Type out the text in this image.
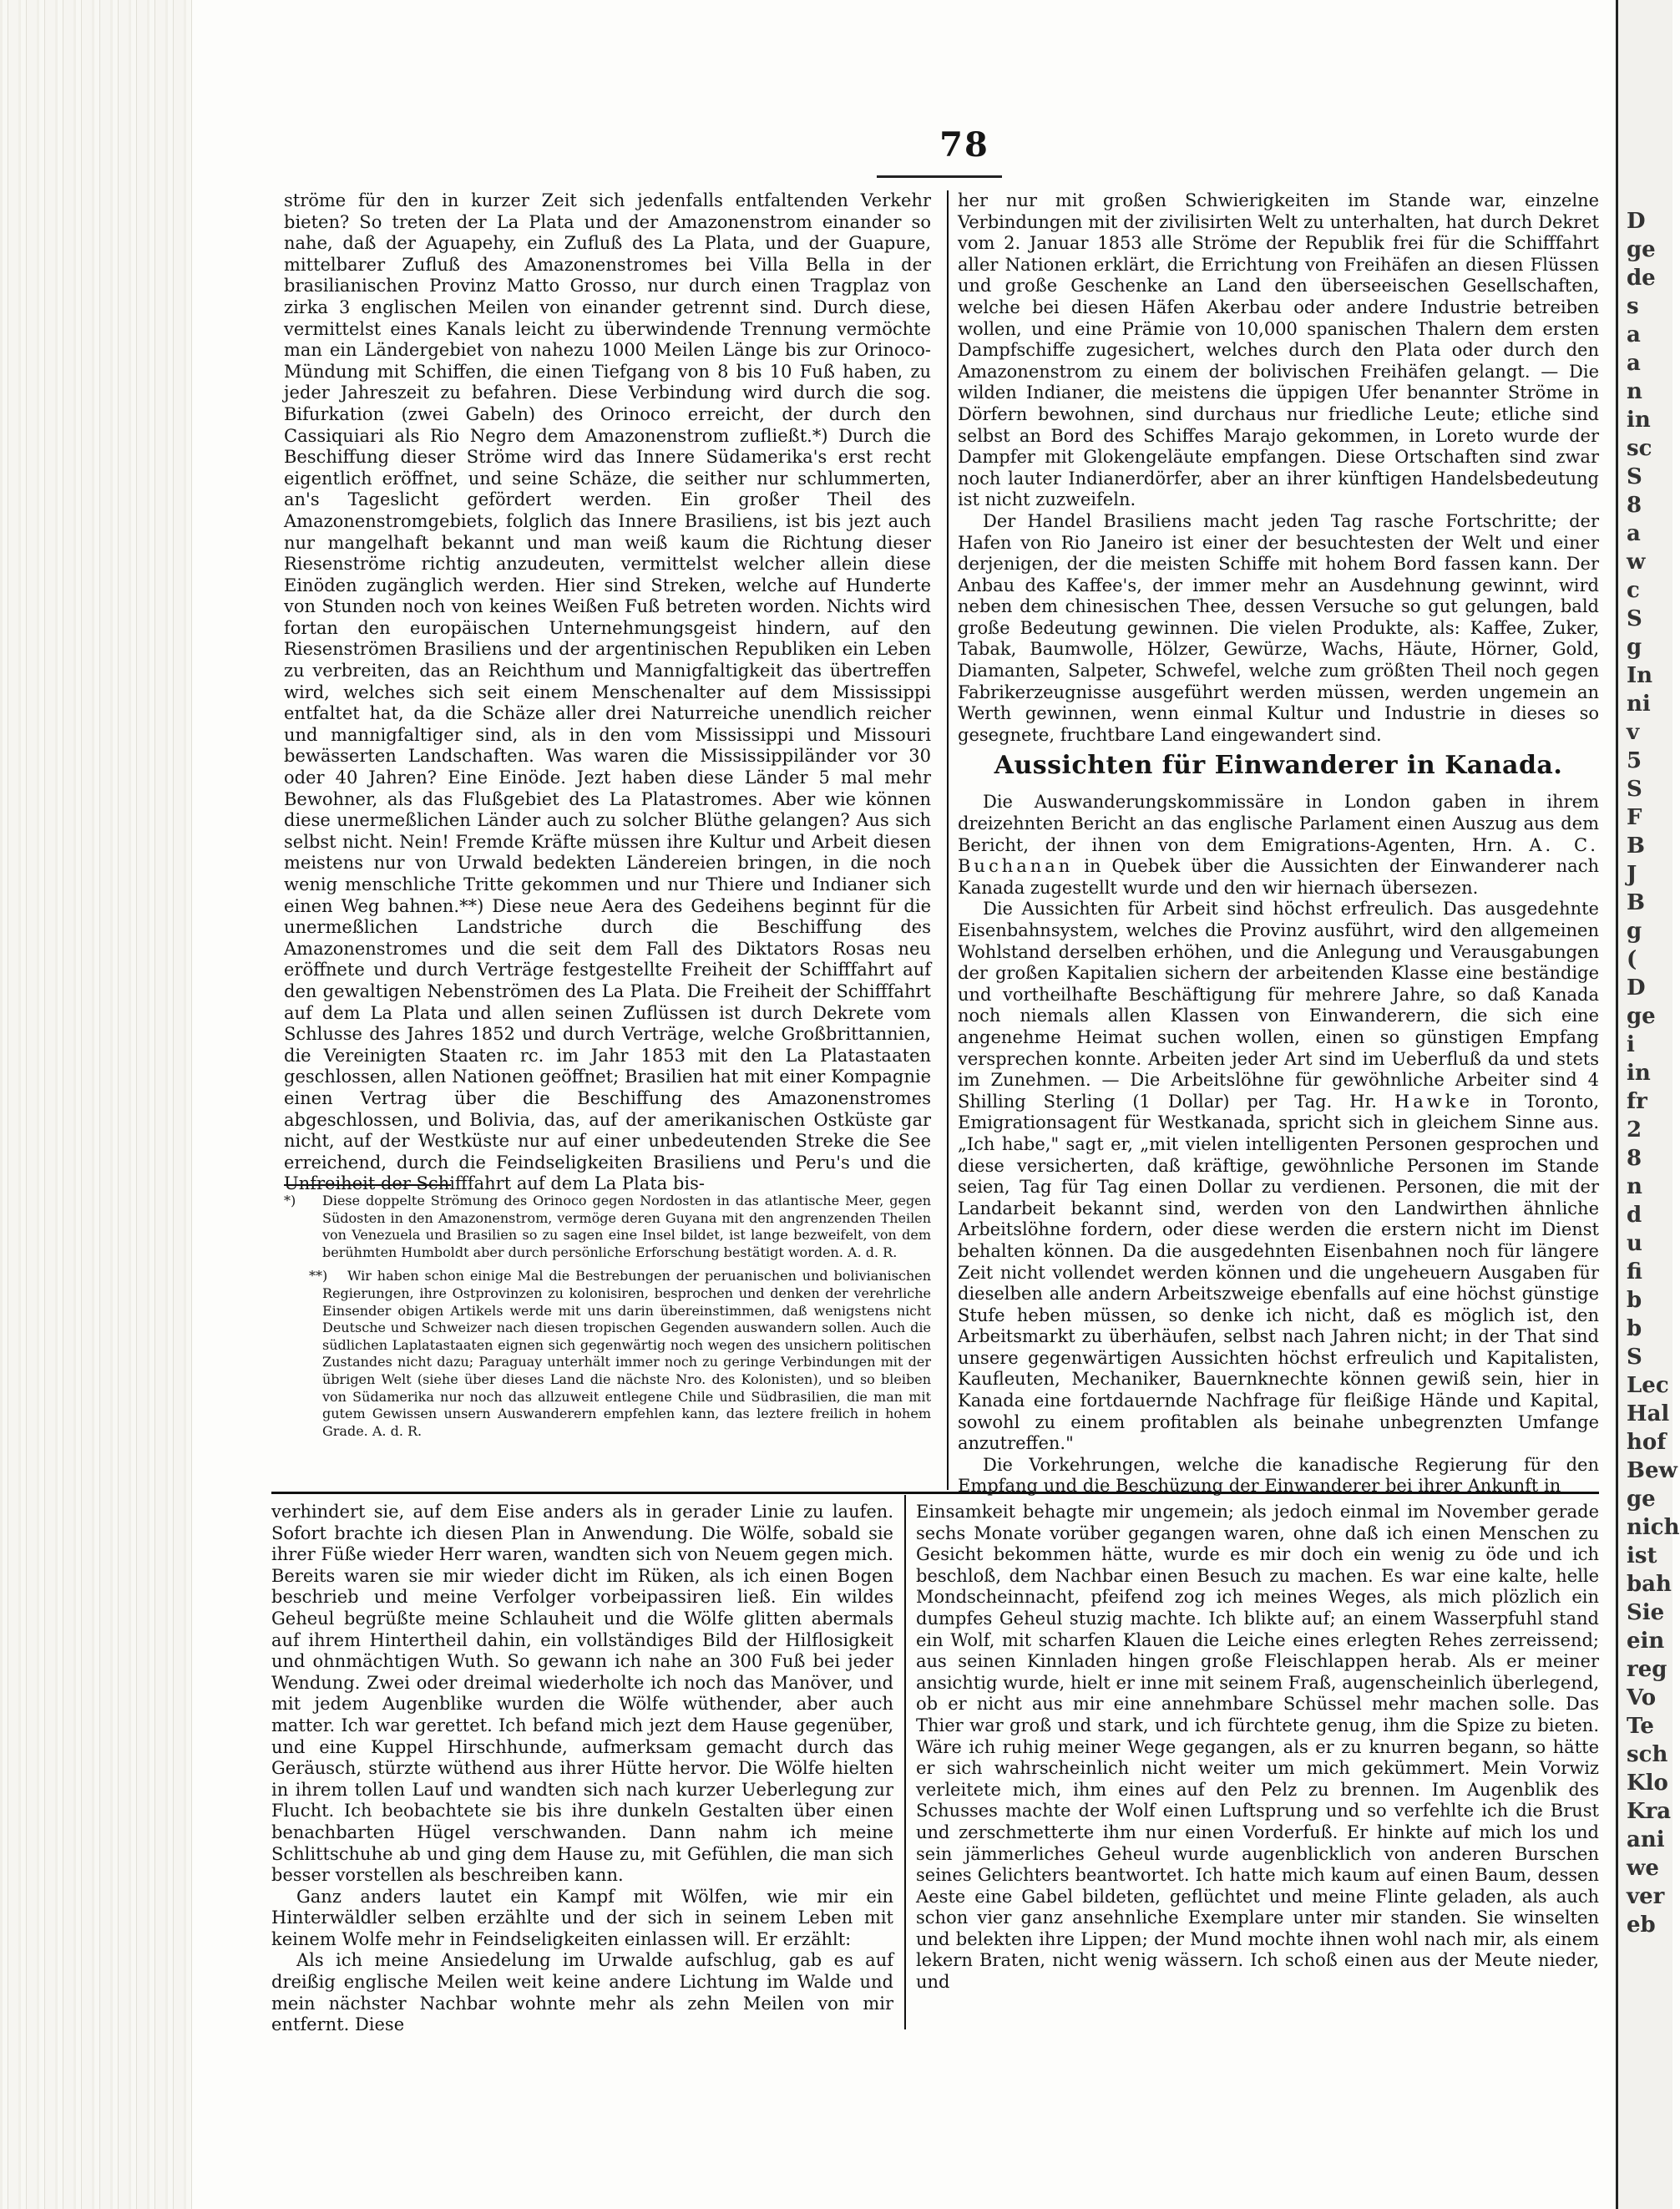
D
ge
de
s
a
a
n
in
sc
S
8
a
w
c
S
g
In
ni
v
5
S
F
B
J
B
g
(
D
ge
i
in
fr
2
8
n
d
u
fi
b
b
S
Lec
Hal
hof
Bew
ge
nich
ist
bah
Sie
ein
reg
Vo
Te
sch
Klo
Kra
ani
we
ver
eb
78

ströme für den in kurzer Zeit sich jedenfalls entfaltenden Verkehr bieten? So treten der La Plata und der Amazonenstrom einander so nahe, daß der Aguapehy, ein Zufluß des La Plata, und der Guapure, mittelbarer Zufluß des Amazonenstromes bei Villa Bella in der brasilianischen Provinz Matto Grosso, nur durch einen Tragplaz von zirka 3 englischen Meilen von einander getrennt sind. Durch diese, vermittelst eines Kanals leicht zu überwindende Trennung vermöchte man ein Ländergebiet von nahezu 1000 Meilen Länge bis zur Orinoco-Mündung mit Schiffen, die einen Tiefgang von 8 bis 10 Fuß haben, zu jeder Jahreszeit zu befahren. Diese Verbindung wird durch die sog. Bifurkation (zwei Gabeln) des Orinoco erreicht, der durch den Cassiquiari als Rio Negro dem Amazonenstrom zufließt.*) Durch die Beschiffung dieser Ströme wird das Innere Südamerika's erst recht eigentlich eröffnet, und seine Schäze, die seither nur schlummerten, an's Tageslicht gefördert werden. Ein großer Theil des Amazonenstromgebiets, folglich das Innere Brasiliens, ist bis jezt auch nur mangelhaft bekannt und man weiß kaum die Richtung dieser Riesenströme richtig anzudeuten, vermittelst welcher allein diese Einöden zugänglich werden. Hier sind Streken, welche auf Hunderte von Stunden noch von keines Weißen Fuß betreten worden. Nichts wird fortan den europäischen Unternehmungsgeist hindern, auf den Riesenströmen Brasiliens und der argentinischen Republiken ein Leben zu verbreiten, das an Reichthum und Mannigfaltigkeit das übertreffen wird, welches sich seit einem Menschenalter auf dem Mississippi entfaltet hat, da die Schäze aller drei Naturreiche unendlich reicher und mannigfaltiger sind, als in den vom Mississippi und Missouri bewässerten Landschaften. Was waren die Mississippiländer vor 30 oder 40 Jahren? Eine Einöde. Jezt haben diese Länder 5 mal mehr Bewohner, als das Flußgebiet des La Platastromes. Aber wie können diese unermeßlichen Länder auch zu solcher Blüthe gelangen? Aus sich selbst nicht. Nein! Fremde Kräfte müssen ihre Kultur und Arbeit diesen meistens nur von Urwald bedekten Ländereien bringen, in die noch wenig menschliche Tritte gekommen und nur Thiere und Indianer sich einen Weg bahnen.**) Diese neue Aera des Gedeihens beginnt für die unermeßlichen Landstriche durch die Beschiffung des Amazonenstromes und die seit dem Fall des Diktators Rosas neu eröffnete und durch Verträge festgestellte Freiheit der Schifffahrt auf den gewaltigen Nebenströmen des La Plata. Die Freiheit der Schifffahrt auf dem La Plata und allen seinen Zuflüssen ist durch Dekrete vom Schlusse des Jahres 1852 und durch Verträge, welche Großbrittannien, die Vereinigten Staaten rc. im Jahr 1853 mit den La Platastaaten geschlossen, allen Nationen geöffnet; Brasilien hat mit einer Kompagnie einen Vertrag über die Beschiffung des Amazonenstromes abgeschlossen, und Bolivia, das, auf der amerikanischen Ostküste gar nicht, auf der Westküste nur auf einer unbedeutenden Streke die See erreichend, durch die Feindseligkeiten Brasiliens und Peru's und die Unfreiheit der Schifffahrt auf dem La Plata bis-

*) Diese doppelte Strömung des Orinoco gegen Nordosten in das atlantische Meer, gegen Südosten in den Amazonenstrom, vermöge deren Guyana mit den angrenzenden Theilen von Venezuela und Brasilien so zu sagen eine Insel bildet, ist lange bezweifelt, von dem berühmten Humboldt aber durch persönliche Erforschung bestätigt worden. A. d. R.

**) Wir haben schon einige Mal die Bestrebungen der peruanischen und bolivianischen Regierungen, ihre Ostprovinzen zu kolonisiren, besprochen und denken der verehrliche Einsender obigen Artikels werde mit uns darin übereinstimmen, daß wenigstens nicht Deutsche und Schweizer nach diesen tropischen Gegenden auswandern sollen. Auch die südlichen Laplatastaaten eignen sich gegenwärtig noch wegen des unsichern politischen Zustandes nicht dazu; Paraguay unterhält immer noch zu geringe Verbindungen mit der übrigen Welt (siehe über dieses Land die nächste Nro. des Kolonisten), und so bleiben von Südamerika nur noch das allzuweit entlegene Chile und Südbrasilien, die man mit gutem Gewissen unsern Auswanderern empfehlen kann, das leztere freilich in hohem Grade. A. d. R.

her nur mit großen Schwierigkeiten im Stande war, einzelne Verbindungen mit der zivilisirten Welt zu unterhalten, hat durch Dekret vom 2. Januar 1853 alle Ströme der Republik frei für die Schifffahrt aller Nationen erklärt, die Errichtung von Freihäfen an diesen Flüssen und große Geschenke an Land den überseeischen Gesellschaften, welche bei diesen Häfen Akerbau oder andere Industrie betreiben wollen, und eine Prämie von 10,000 spanischen Thalern dem ersten Dampfschiffe zugesichert, welches durch den Plata oder durch den Amazonenstrom zu einem der bolivischen Freihäfen gelangt. — Die wilden Indianer, die meistens die üppigen Ufer benannter Ströme in Dörfern bewohnen, sind durchaus nur friedliche Leute; etliche sind selbst an Bord des Schiffes Marajo gekommen, in Loreto wurde der Dampfer mit Glokengeläute empfangen. Diese Ortschaften sind zwar noch lauter Indianerdörfer, aber an ihrer künftigen Handelsbedeutung ist nicht zuzweifeln.

Der Handel Brasiliens macht jeden Tag rasche Fortschritte; der Hafen von Rio Janeiro ist einer der besuchtesten der Welt und einer derjenigen, der die meisten Schiffe mit hohem Bord fassen kann. Der Anbau des Kaffee's, der immer mehr an Ausdehnung gewinnt, wird neben dem chinesischen Thee, dessen Versuche so gut gelungen, bald große Bedeutung gewinnen. Die vielen Produkte, als: Kaffee, Zuker, Tabak, Baumwolle, Hölzer, Gewürze, Wachs, Häute, Hörner, Gold, Diamanten, Salpeter, Schwefel, welche zum größten Theil noch gegen Fabrikerzeugnisse ausgeführt werden müssen, werden ungemein an Werth gewinnen, wenn einmal Kultur und Industrie in dieses so gesegnete, fruchtbare Land eingewandert sind.

Aussichten für Einwanderer in Kanada.

Die Auswanderungskommissäre in London gaben in ihrem dreizehnten Bericht an das englische Parlament einen Auszug aus dem Bericht, der ihnen von dem Emigrations-Agenten, Hrn. A. C. Buchanan in Quebek über die Aussichten der Einwanderer nach Kanada zugestellt wurde und den wir hiernach übersezen.

Die Aussichten für Arbeit sind höchst erfreulich. Das ausgedehnte Eisenbahnsystem, welches die Provinz ausführt, wird den allgemeinen Wohlstand derselben erhöhen, und die Anlegung und Verausgabungen der großen Kapitalien sichern der arbeitenden Klasse eine beständige und vortheilhafte Beschäftigung für mehrere Jahre, so daß Kanada noch niemals allen Klassen von Einwanderern, die sich eine angenehme Heimat suchen wollen, einen so günstigen Empfang versprechen konnte. Arbeiten jeder Art sind im Ueberfluß da und stets im Zunehmen. — Die Arbeitslöhne für gewöhnliche Arbeiter sind 4 Shilling Sterling (1 Dollar) per Tag. Hr. Hawke in Toronto, Emigrationsagent für Westkanada, spricht sich in gleichem Sinne aus. „Ich habe," sagt er, „mit vielen intelligenten Personen gesprochen und diese versicherten, daß kräftige, gewöhnliche Personen im Stande seien, Tag für Tag einen Dollar zu verdienen. Personen, die mit der Landarbeit bekannt sind, werden von den Landwirthen ähnliche Arbeitslöhne fordern, oder diese werden die erstern nicht im Dienst behalten können. Da die ausgedehnten Eisenbahnen noch für längere Zeit nicht vollendet werden können und die ungeheuern Ausgaben für dieselben alle andern Arbeitszweige ebenfalls auf eine höchst günstige Stufe heben müssen, so denke ich nicht, daß es möglich ist, den Arbeitsmarkt zu überhäufen, selbst nach Jahren nicht; in der That sind unsere gegenwärtigen Aussichten höchst erfreulich und Kapitalisten, Kaufleuten, Mechaniker, Bauernknechte können gewiß sein, hier in Kanada eine fortdauernde Nachfrage für fleißige Hände und Kapital, sowohl zu einem profitablen als beinahe unbegrenzten Umfange anzutreffen."

Die Vorkehrungen, welche die kanadische Regierung für den Empfang und die Beschüzung der Einwanderer bei ihrer Ankunft in

verhindert sie, auf dem Eise anders als in gerader Linie zu laufen. Sofort brachte ich diesen Plan in Anwendung. Die Wölfe, sobald sie ihrer Füße wieder Herr waren, wandten sich von Neuem gegen mich. Bereits waren sie mir wieder dicht im Rüken, als ich einen Bogen beschrieb und meine Verfolger vorbeipassiren ließ. Ein wildes Geheul begrüßte meine Schlauheit und die Wölfe glitten abermals auf ihrem Hintertheil dahin, ein vollständiges Bild der Hilflosigkeit und ohnmächtigen Wuth. So gewann ich nahe an 300 Fuß bei jeder Wendung. Zwei oder dreimal wiederholte ich noch das Manöver, und mit jedem Augenblike wurden die Wölfe wüthender, aber auch matter. Ich war gerettet. Ich befand mich jezt dem Hause gegenüber, und eine Kuppel Hirschhunde, aufmerksam gemacht durch das Geräusch, stürzte wüthend aus ihrer Hütte hervor. Die Wölfe hielten in ihrem tollen Lauf und wandten sich nach kurzer Ueberlegung zur Flucht. Ich beobachtete sie bis ihre dunkeln Gestalten über einen benachbarten Hügel verschwanden. Dann nahm ich meine Schlittschuhe ab und ging dem Hause zu, mit Gefühlen, die man sich besser vorstellen als beschreiben kann.

Ganz anders lautet ein Kampf mit Wölfen, wie mir ein Hinterwäldler selben erzählte und der sich in seinem Leben mit keinem Wolfe mehr in Feindseligkeiten einlassen will. Er erzählt:

Als ich meine Ansiedelung im Urwalde aufschlug, gab es auf dreißig englische Meilen weit keine andere Lichtung im Walde und mein nächster Nachbar wohnte mehr als zehn Meilen von mir entfernt. Diese

Einsamkeit behagte mir ungemein; als jedoch einmal im November gerade sechs Monate vorüber gegangen waren, ohne daß ich einen Menschen zu Gesicht bekommen hätte, wurde es mir doch ein wenig zu öde und ich beschloß, dem Nachbar einen Besuch zu machen. Es war eine kalte, helle Mondscheinnacht, pfeifend zog ich meines Weges, als mich plözlich ein dumpfes Geheul stuzig machte. Ich blikte auf; an einem Wasserpfuhl stand ein Wolf, mit scharfen Klauen die Leiche eines erlegten Rehes zerreissend; aus seinen Kinnladen hingen große Fleischlappen herab. Als er meiner ansichtig wurde, hielt er inne mit seinem Fraß, augenscheinlich überlegend, ob er nicht aus mir eine annehmbare Schüssel mehr machen solle. Das Thier war groß und stark, und ich fürchtete genug, ihm die Spize zu bieten. Wäre ich ruhig meiner Wege gegangen, als er zu knurren begann, so hätte er sich wahrscheinlich nicht weiter um mich gekümmert. Mein Vorwiz verleitete mich, ihm eines auf den Pelz zu brennen. Im Augenblik des Schusses machte der Wolf einen Luftsprung und so verfehlte ich die Brust und zerschmetterte ihm nur einen Vorderfuß. Er hinkte auf mich los und sein jämmerliches Geheul wurde augenblicklich von anderen Burschen seines Gelichters beantwortet. Ich hatte mich kaum auf einen Baum, dessen Aeste eine Gabel bildeten, geflüchtet und meine Flinte geladen, als auch schon vier ganz ansehnliche Exemplare unter mir standen. Sie winselten und belekten ihre Lippen; der Mund mochte ihnen wohl nach mir, als einem lekern Braten, nicht wenig wässern. Ich schoß einen aus der Meute nieder, und
